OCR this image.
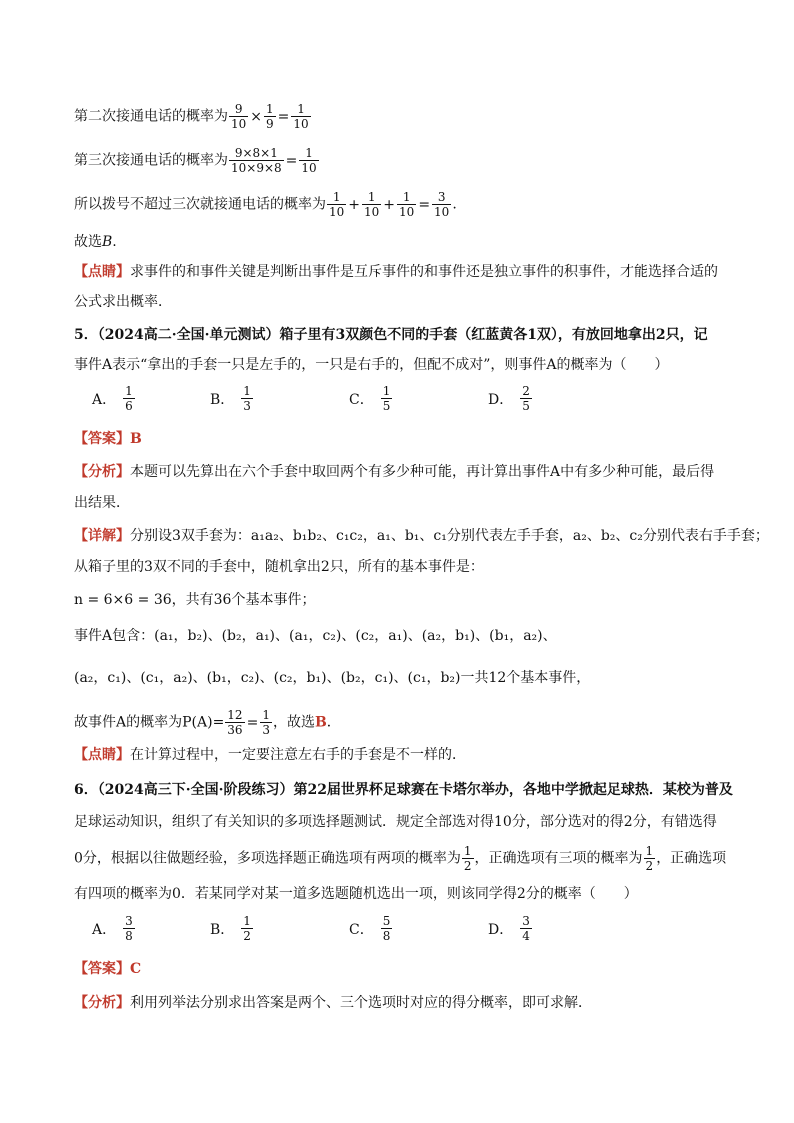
第二次接通电话的概率为 $\frac{9}{10} \times \frac{1}{9} = \frac{1}{10}$
第三次接通电话的概率为 $\frac{9\times 8\times 1}{10\times 9\times 8} = \frac{1}{10}$
所以拨号不超过三次就接通电话的概率为 $\frac{1}{10} + \frac{1}{10} + \frac{1}{10} = \frac{3}{10}$ .
故选B.
【点睛】求事件的和事件关键是判断出事件是互斥事件的和事件还是独立事件的积事件，才能选择合适的
公式求出概率．
5．（2024高二·全国·单元测试）箱子里有3双颜色不同的手套（红蓝黄各1双），有放回地拿出2只，记
事件A表示“拿出的手套一只是左手的，一只是右手的，但配不成对”，则事件A的概率为（　　）
A． $\frac{1}{6}$	B． $\frac{1}{3}$	C． $\frac{1}{5}$	D． $\frac{2}{5}$
【答案】B
【分析】本题可以先算出在六个手套中取回两个有多少种可能，再计算出事件A中有多少种可能，最后得
出结果．
【详解】分别设3双手套为：a₁a₂、b₁b₂、c₁c₂，a₁、b₁、c₁分别代表左手手套，a₂、b₂、c₂分别代表右手手套；
从箱子里的3双不同的手套中，随机拿出2只，所有的基本事件是：
n = 6×6 = 36，共有36个基本事件；
事件A包含：(a₁，b₂)、(b₂，a₁)、(a₁，c₂)、(c₂，a₁)、(a₂，b₁)、(b₁，a₂)、
(a₂，c₁)、(c₁，a₂)、(b₁，c₂)、(c₂，b₁)、(b₂，c₁)、(c₁，b₂)一共12个基本事件，
故事件A的概率为$P(A)= \frac{12}{36} = \frac{1}{3}$ ，故选B．
【点睛】在计算过程中，一定要注意左右手的手套是不一样的．
6．（2024高三下·全国·阶段练习）第22届世界杯足球赛在卡塔尔举办，各地中学掀起足球热．某校为普及
足球运动知识，组织了有关知识的多项选择题测试．规定全部选对得10分，部分选对的得2分，有错选得
0分，根据以往做题经验，多项选择题正确选项有两项的概率为 $\frac{1}{2}$ ，正确选项有三项的概率为 $\frac{1}{2}$ ，正确选项
有四项的概率为0．若某同学对某一道多选题随机选出一项，则该同学得2分的概率（　　）
A． $\frac{3}{8}$	B． $\frac{1}{2}$	C． $\frac{5}{8}$	D． $\frac{3}{4}$
【答案】C
【分析】利用列举法分别求出答案是两个、三个选项时对应的得分概率，即可求解．
